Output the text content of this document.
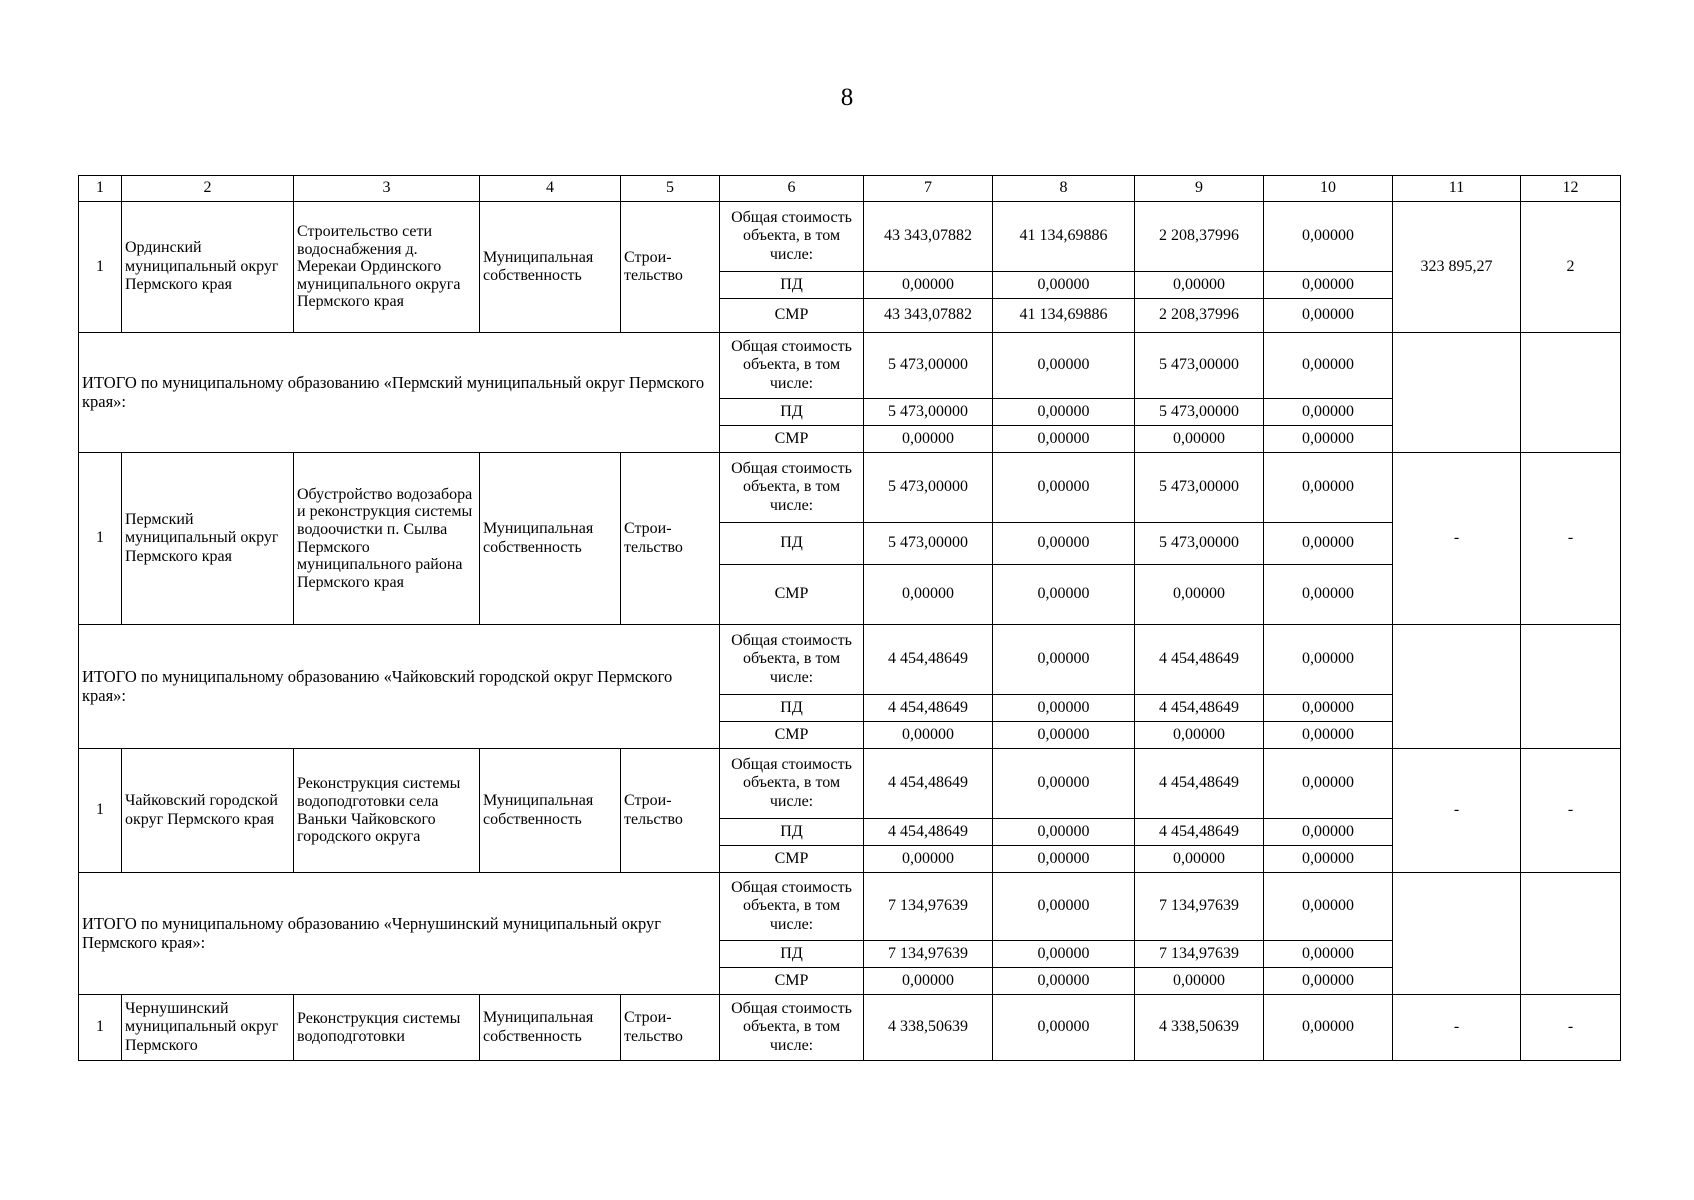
8
1	2	3	4	5	6	7	8	9	10	11	12
1	Ординский муниципальный округ Пермского края	Строительство сети водоснабжения д. Мерекаи Ординского муниципального округа Пермского края	Муниципальная собственность	Строи-тельство	Общая стоимость объекта, в том числе:	43 343,07882	41 134,69886	2 208,37996	0,00000	323 895,27	2
					ПД	0,00000	0,00000	0,00000	0,00000		
					СМР	43 343,07882	41 134,69886	2 208,37996	0,00000		
ИТОГО по муниципальному образованию «Пермский муниципальный округ Пермского края»:					Общая стоимость объекта, в том числе:	5 473,00000	0,00000	5 473,00000	0,00000		
					ПД	5 473,00000	0,00000	5 473,00000	0,00000		
					СМР	0,00000	0,00000	0,00000	0,00000		
1	Пермский муниципальный округ Пермского края	Обустройство водозабора и реконструкция системы водоочистки п. Сылва Пермского муниципального района Пермского края	Муниципальная собственность	Строи-тельство	Общая стоимость объекта, в том числе:	5 473,00000	0,00000	5 473,00000	0,00000	-	-
					ПД	5 473,00000	0,00000	5 473,00000	0,00000		
					СМР	0,00000	0,00000	0,00000	0,00000		
ИТОГО по муниципальному образованию «Чайковский городской округ Пермского края»:					Общая стоимость объекта, в том числе:	4 454,48649	0,00000	4 454,48649	0,00000		
					ПД	4 454,48649	0,00000	4 454,48649	0,00000		
					СМР	0,00000	0,00000	0,00000	0,00000		
1	Чайковский городской округ Пермского края	Реконструкция системы водоподготовки села Ваньки Чайковского городского округа	Муниципальная собственность	Строи-тельство	Общая стоимость объекта, в том числе:	4 454,48649	0,00000	4 454,48649	0,00000	-	-
					ПД	4 454,48649	0,00000	4 454,48649	0,00000		
					СМР	0,00000	0,00000	0,00000	0,00000		
ИТОГО по муниципальному образованию «Чернушинский муниципальный округ Пермского края»:					Общая стоимость объекта, в том числе:	7 134,97639	0,00000	7 134,97639	0,00000		
					ПД	7 134,97639	0,00000	7 134,97639	0,00000		
					СМР	0,00000	0,00000	0,00000	0,00000		
1	Чернушинский муниципальный округ Пермского	Реконструкция системы водоподготовки	Муниципальная собственность	Строи-тельство	Общая стоимость объекта, в том числе:	4 338,50639	0,00000	4 338,50639	0,00000	-	-
